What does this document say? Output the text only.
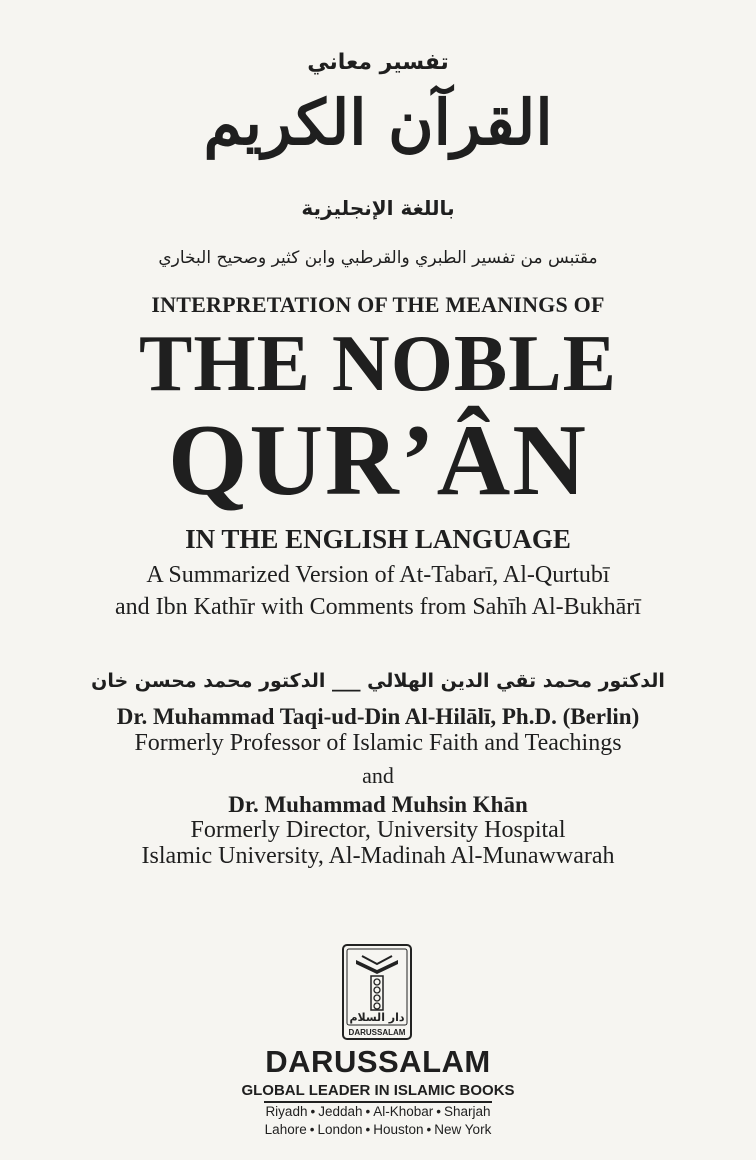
تفسير معاني
القرآن الكريم
باللغة الإنجليزية
مقتبس من تفسير الطبري والقرطبي وابن كثير وصحيح البخاري
INTERPRETATION OF THE MEANINGS OF
THE NOBLE
QUR’ÂN
IN THE ENGLISH LANGUAGE
A Summarized Version of At-Tabarī, Al-Qurtubī
and Ibn Kathīr with Comments from Sahīh Al-Bukhārī
الدكتور محمد تقي الدين الهلالي ___ الدكتور محمد محسن خان
Dr. Muhammad Taqi-ud-Din Al-Hilālī, Ph.D. (Berlin)
Formerly Professor of Islamic Faith and Teachings
and
Dr. Muhammad Muhsin Khān
Formerly Director, University Hospital
Islamic University, Al-Madinah Al-Munawwarah
دار السلام
DARUSSALAM
DARUSSALAM
GLOBAL LEADER IN ISLAMIC BOOKS
Riyadh • Jeddah • Al-Khobar • Sharjah
Lahore • London • Houston • New York
